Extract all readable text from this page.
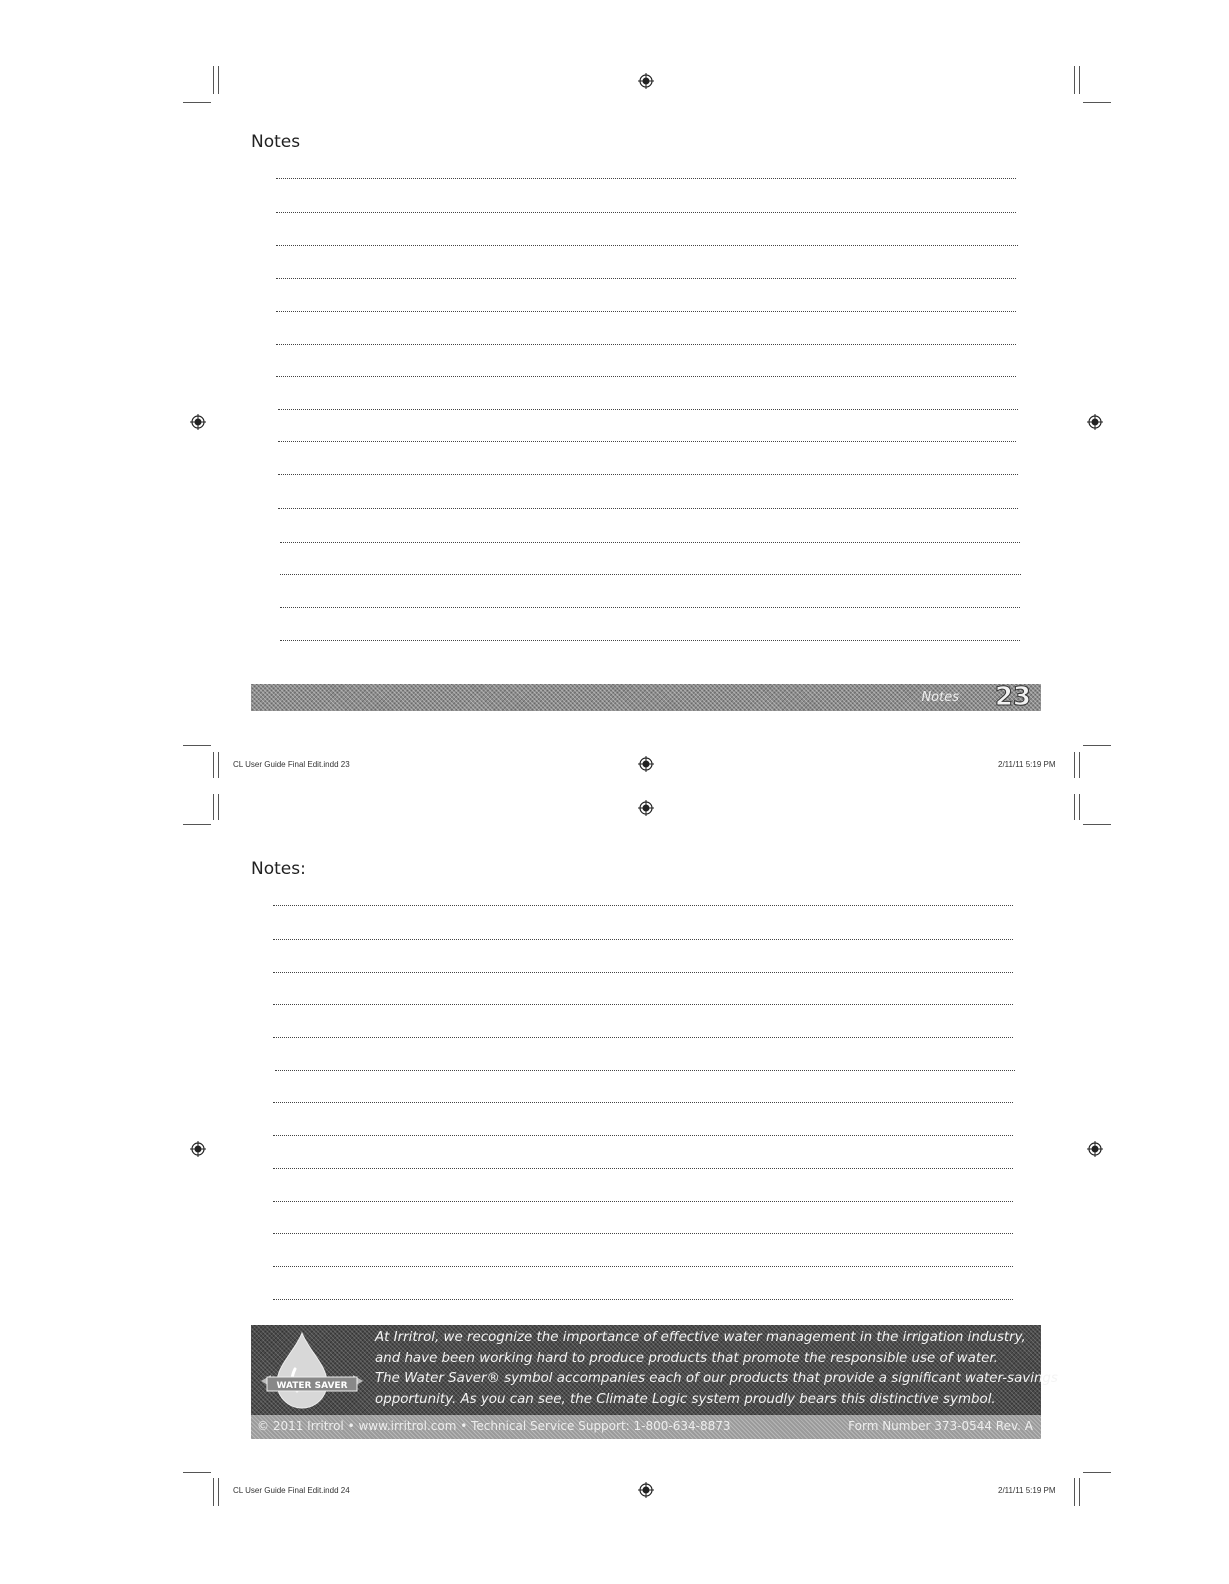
Notes
Notes 23
CL User Guide Final Edit.indd 23	2/11/11 5:19 PM
Notes:
WATER SAVER
At Irritrol, we recognize the importance of effective water management in the irrigation industry,
and have been working hard to produce products that promote the responsible use of water.
The Water Saver® symbol accompanies each of our products that provide a significant water-savings
opportunity. As you can see, the Climate Logic system proudly bears this distinctive symbol.
© 2011 Irritrol • www.irritrol.com • Technical Service Support: 1-800-634-8873	Form Number 373-0544 Rev. A
CL User Guide Final Edit.indd 24	2/11/11 5:19 PM
